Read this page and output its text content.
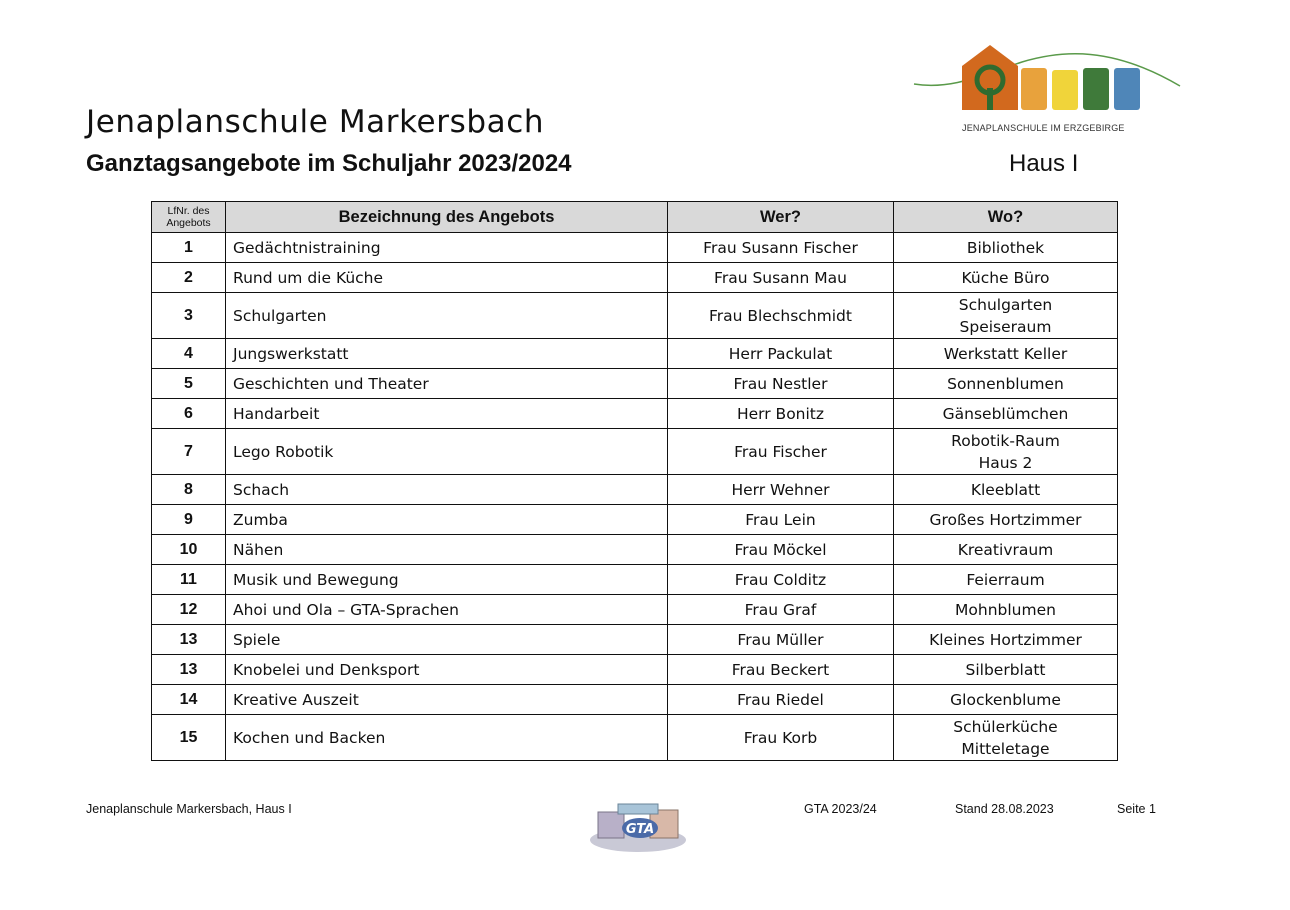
Jenaplanschule Markersbach
Ganztagsangebote im Schuljahr 2023/2024	Haus I
JENAPLANSCHULE IM ERZGEBIRGE
LfNr. des Angebots	Bezeichnung des Angebots	Wer?	Wo?
1	Gedächtnistraining	Frau Susann Fischer	Bibliothek

2	Rund um die Küche	Frau Susann Mau	Küche Büro

3	Schulgarten	Frau Blechschmidt	Schulgarten
Speiseraum

4	Jungswerkstatt	Herr Packulat	Werkstatt Keller

5	Geschichten und Theater	Frau Nestler	Sonnenblumen

6	Handarbeit	Herr Bonitz	Gänseblümchen

7	Lego Robotik	Frau Fischer	Robotik-Raum
Haus 2

8	Schach	Herr Wehner	Kleeblatt

9	Zumba	Frau Lein	Großes Hortzimmer

10	Nähen	Frau Möckel	Kreativraum

11	Musik und Bewegung	Frau Colditz	Feierraum

12	Ahoi und Ola – GTA-Sprachen	Frau Graf	Mohnblumen

13	Spiele	Frau Müller	Kleines Hortzimmer

13	Knobelei und Denksport	Frau Beckert	Silberblatt

14	Kreative Auszeit	Frau Riedel	Glockenblume

15	Kochen und Backen	Frau Korb	Schülerküche
Mitteletage
Jenaplanschule Markersbach, Haus I
GTA
GTA 2023/24	Stand 28.08.2023	Seite 1
